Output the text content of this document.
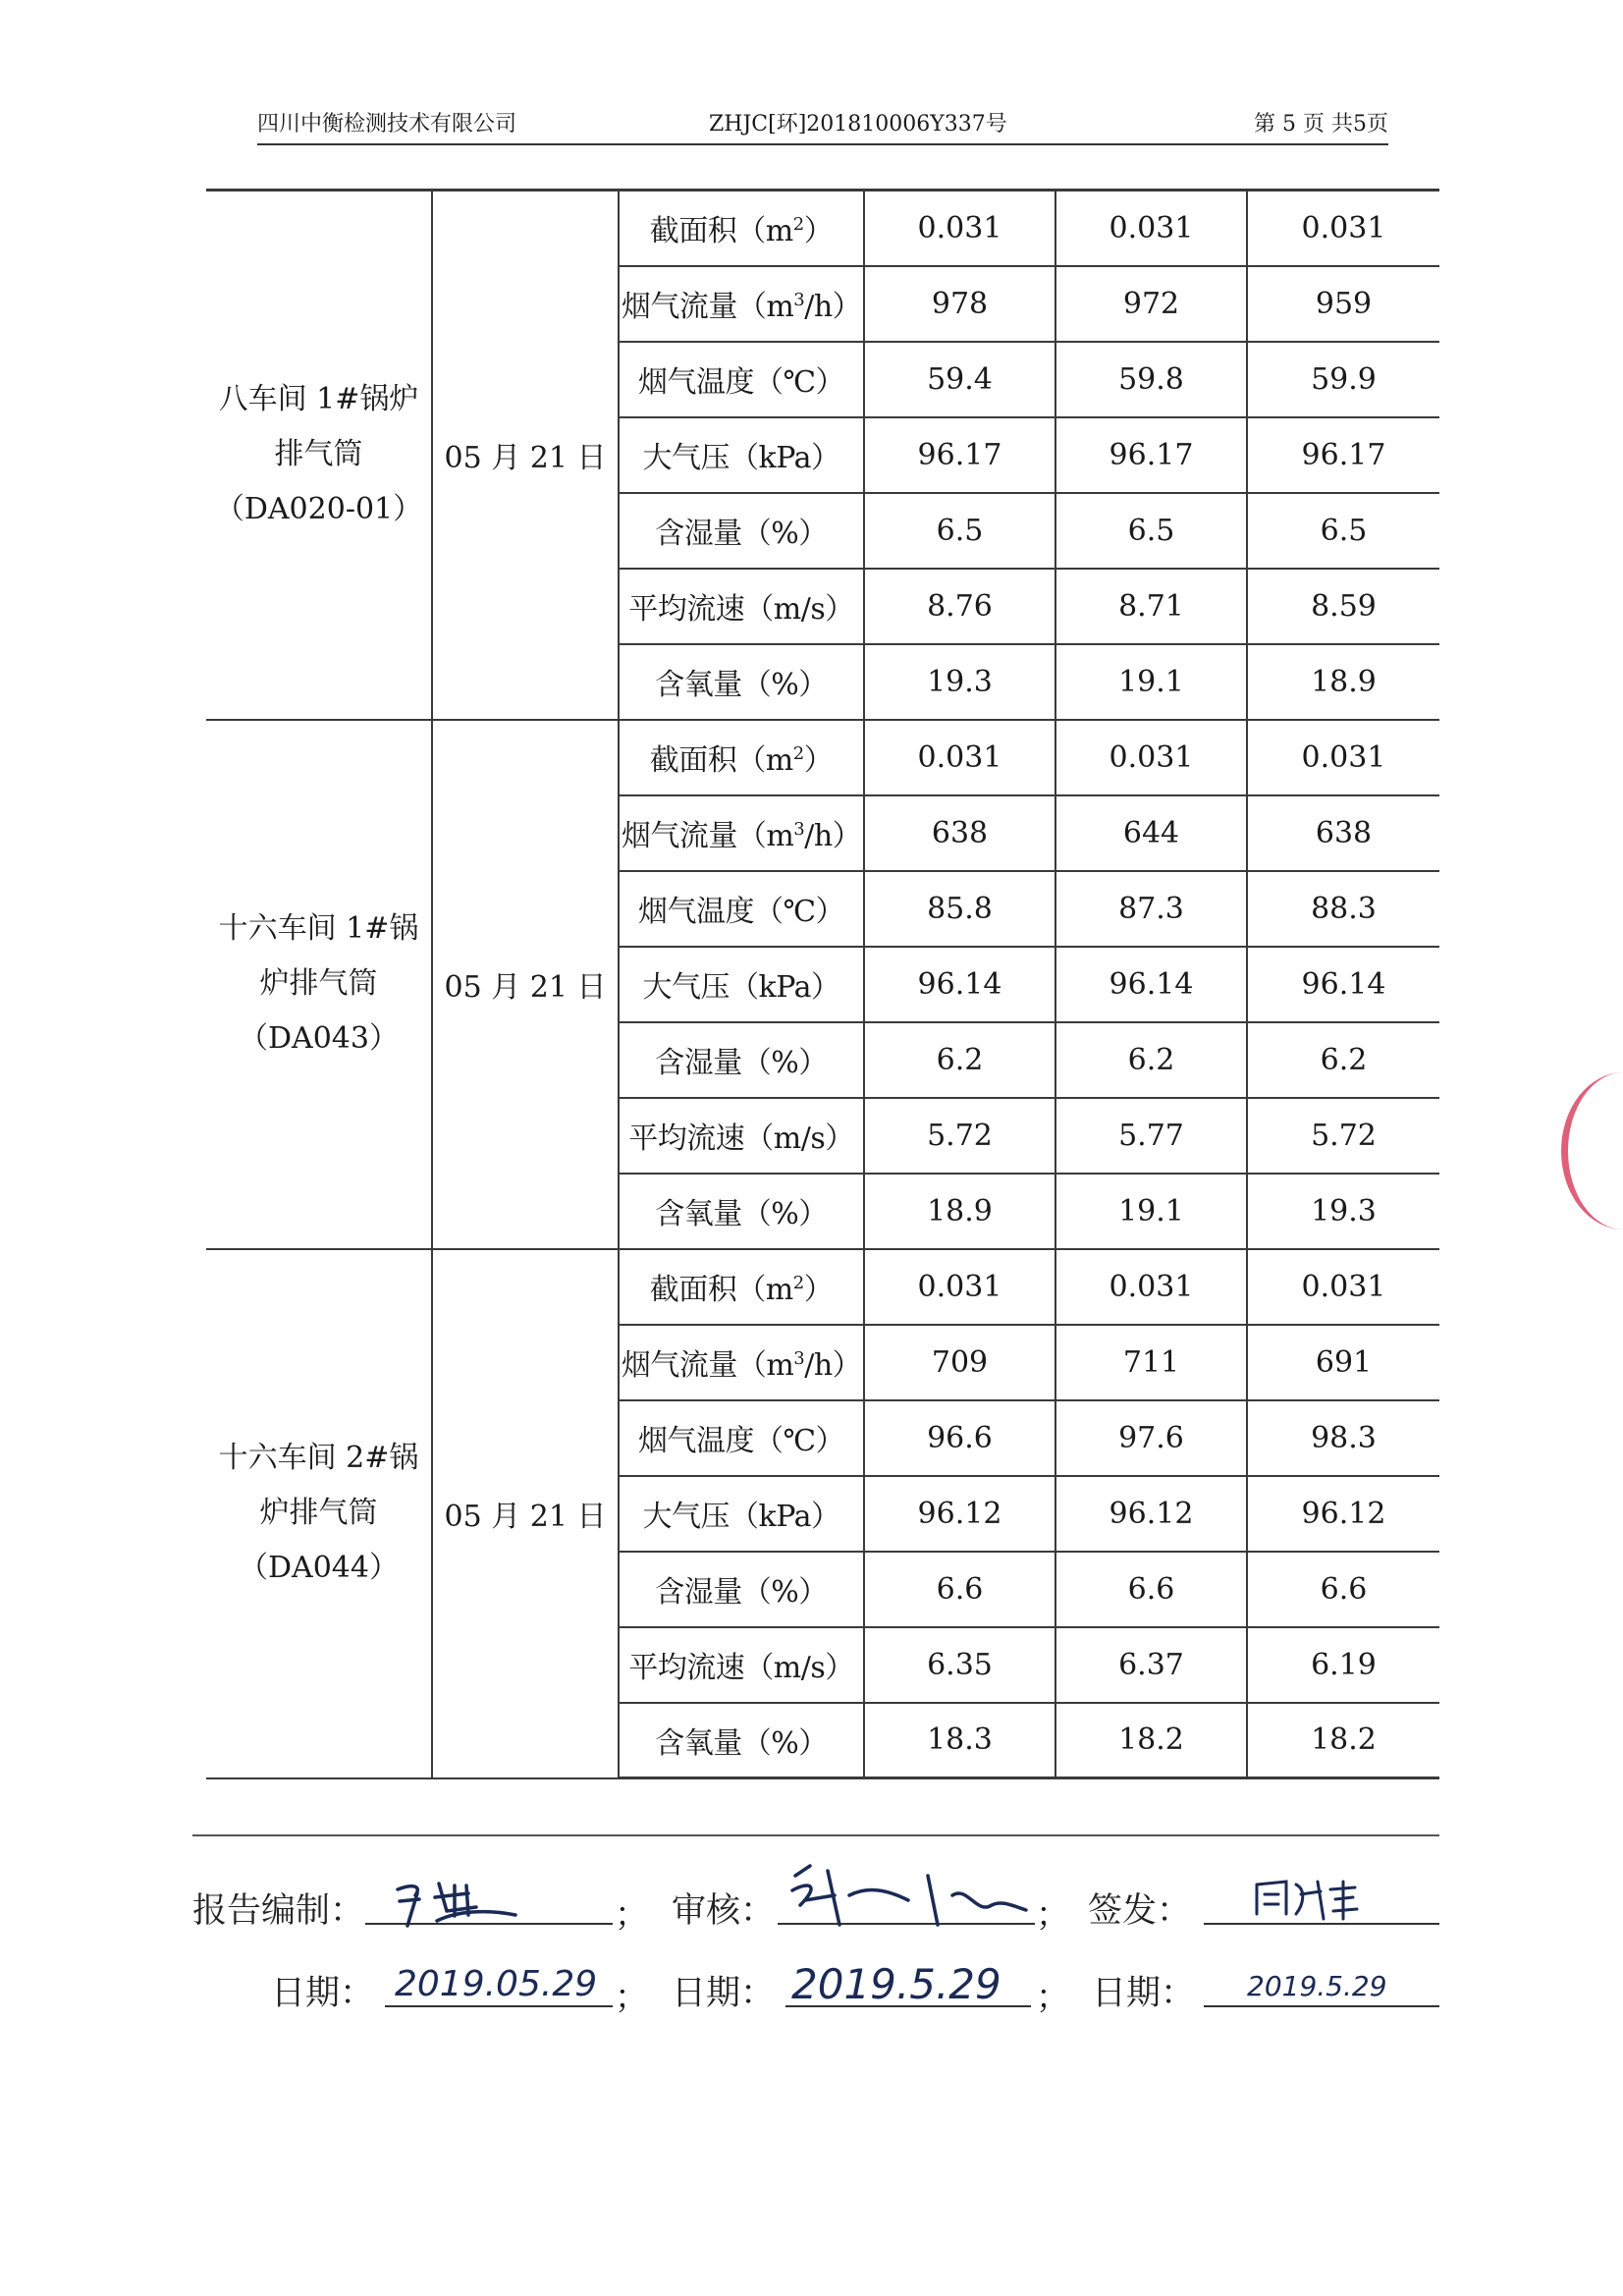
四川中衡检测技术有限公司	ZHJC[环]201810006Y337号	第 5 页 共5页
八车间 1#锅炉
排气筒
（DA020-01）	05 月 21 日	截面积$(m^2)$	0.031	0.031	0.031
		烟气流量$(m^3/h)$	978	972	959
		烟气温度（℃）	59.4	59.8	59.9
		大气压（kPa）	96.17	96.17	96.17
		含湿量（%）	6.5	6.5	6.5
		平均流速（m/s）	8.76	8.71	8.59
		含氧量（%）	19.3	19.1	18.9

十六车间 1#锅
炉排气筒
（DA043）	05 月 21 日	截面积$(m^2)$	0.031	0.031	0.031
		烟气流量$(m^3/h)$	638	644	638
		烟气温度（℃）	85.8	87.3	88.3
		大气压（kPa）	96.14	96.14	96.14
		含湿量（%）	6.2	6.2	6.2
		平均流速（m/s）	5.72	5.77	5.72
		含氧量（%）	18.9	19.1	19.3

十六车间 2#锅
炉排气筒
（DA044）	05 月 21 日	截面积$(m^2)$	0.031	0.031	0.031
		烟气流量$(m^3/h)$	709	711	691
		烟气温度（℃）	96.6	97.6	98.3
		大气压（kPa）	96.12	96.12	96.12
		含湿量（%）	6.6	6.6	6.6
		平均流速（m/s）	6.35	6.37	6.19
		含氧量（%）	18.3	18.2	18.2
报告编制：	； 审核：	； 签发：
日期： 2019.05.29 ； 日期： 2019.5.29 ； 日期： 2019.5.29
